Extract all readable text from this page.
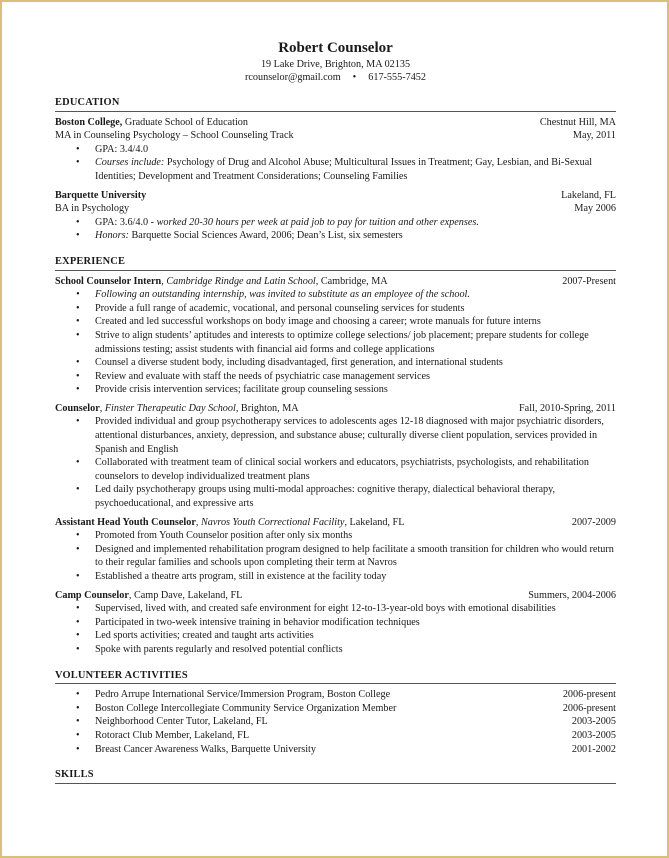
Robert Counselor
19 Lake Drive, Brighton, MA 02135
rcounselor@gmail.com • 617-555-7452
EDUCATION
Boston College, Graduate School of Education	Chestnut Hill, MA
MA in Counseling Psychology – School Counseling Track	May, 2011
• GPA: 3.4/4.0
• Courses include: Psychology of Drug and Alcohol Abuse; Multicultural Issues in Treatment; Gay, Lesbian, and Bi-Sexual Identities; Development and Treatment Considerations; Counseling Families
Barquette University	Lakeland, FL
BA in Psychology	May 2006
• GPA: 3.6/4.0 - worked 20-30 hours per week at paid job to pay for tuition and other expenses.
• Honors: Barquette Social Sciences Award, 2006; Dean’s List, six semesters
EXPERIENCE
School Counselor Intern, Cambridge Rindge and Latin School, Cambridge, MA	2007-Present
• Following an outstanding internship, was invited to substitute as an employee of the school.
• Provide a full range of academic, vocational, and personal counseling services for students
• Created and led successful workshops on body image and choosing a career; wrote manuals for future interns
• Strive to align students’ aptitudes and interests to optimize college selections/ job placement; prepare students for college admissions testing; assist students with financial aid forms and college applications
• Counsel a diverse student body, including disadvantaged, first generation, and international students
• Review and evaluate with staff the needs of psychiatric case management services
• Provide crisis intervention services; facilitate group counseling sessions
Counselor, Finster Therapeutic Day School, Brighton, MA	Fall, 2010-Spring, 2011
• Provided individual and group psychotherapy services to adolescents ages 12-18 diagnosed with major psychiatric disorders, attentional disturbances, anxiety, depression, and substance abuse; culturally diverse client population, services provided in Spanish and English
• Collaborated with treatment team of clinical social workers and educators, psychiatrists, psychologists, and rehabilitation counselors to develop individualized treatment plans
• Led daily psychotherapy groups using multi-modal approaches: cognitive therapy, dialectical behavioral therapy, psychoeducational, and expressive arts
Assistant Head Youth Counselor, Navros Youth Correctional Facility, Lakeland, FL	2007-2009
• Promoted from Youth Counselor position after only six months
• Designed and implemented rehabilitation program designed to help facilitate a smooth transition for children who would return to their regular families and schools upon completing their term at Navros
• Established a theatre arts program, still in existence at the facility today
Camp Counselor, Camp Dave, Lakeland, FL	Summers, 2004-2006
• Supervised, lived with, and created safe environment for eight 12-to-13-year-old boys with emotional disabilities
• Participated in two-week intensive training in behavior modification techniques
• Led sports activities; created and taught arts activities
• Spoke with parents regularly and resolved potential conflicts
VOLUNTEER ACTIVITIES
• Pedro Arrupe International Service/Immersion Program, Boston College	2006-present
• Boston College Intercollegiate Community Service Organization Member	2006-present
• Neighborhood Center Tutor, Lakeland, FL	2003-2005
• Rotoract Club Member, Lakeland, FL	2003-2005
• Breast Cancer Awareness Walks, Barquette University	2001-2002
SKILLS
